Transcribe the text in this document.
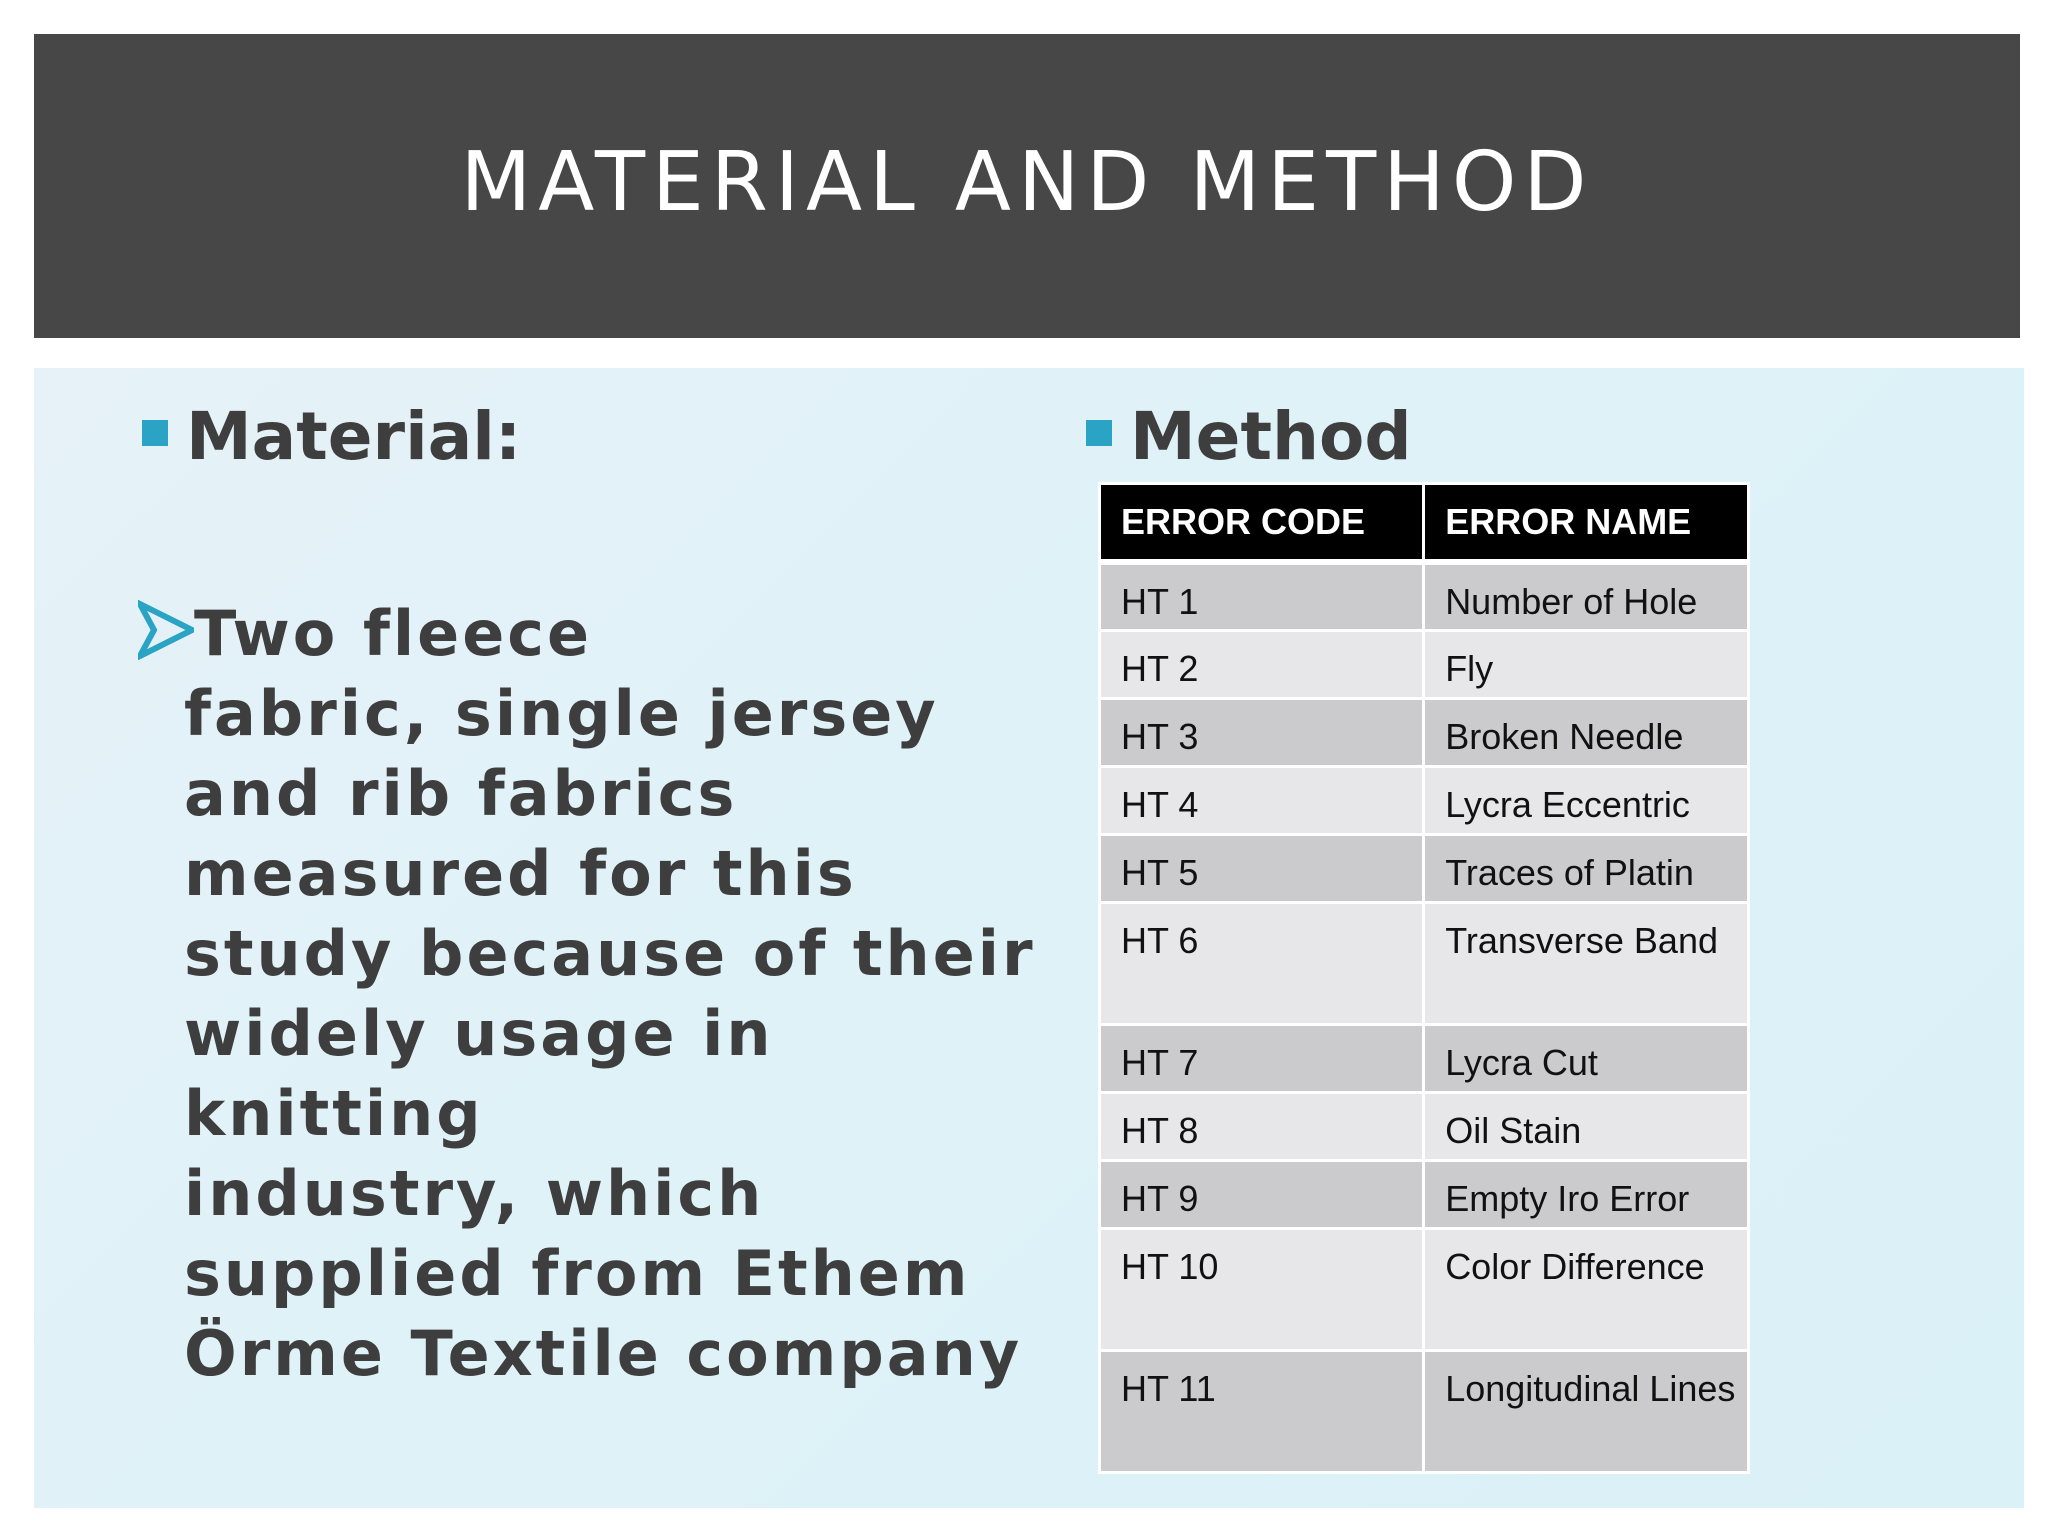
MATERIAL AND METHOD
Material:
Two fleece
fabric, single jersey
and rib fabrics
measured for this
study because of their
widely usage in
knitting
industry, which
supplied from Ethem
Örme Textile company
Method
ERROR CODE	ERROR NAME
HT 1	Number of Hole
HT 2	Fly
HT 3	Broken Needle
HT 4	Lycra Eccentric
HT 5	Traces of Platin
HT 6	Transverse Band
HT 7	Lycra Cut
HT 8	Oil Stain
HT 9	Empty Iro Error
HT 10	Color Difference
HT 11	Longitudinal Lines
